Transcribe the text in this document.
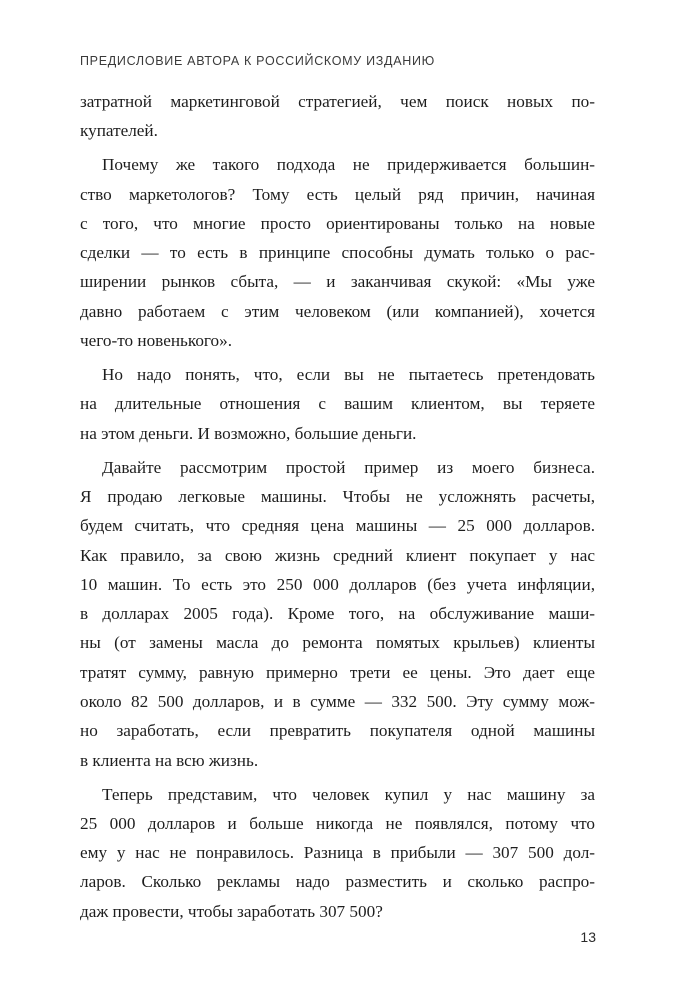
ПРЕДИСЛОВИЕ АВТОРА К РОССИЙСКОМУ ИЗДАНИЮ
затратной маркетинговой стратегией, чем поиск новых по-
купателей.
Почему же такого подхода не придерживается большин-
ство маркетологов? Тому есть целый ряд причин, начиная
с того, что многие просто ориентированы только на новые
сделки — то есть в принципе способны думать только о рас-
ширении рынков сбыта, — и заканчивая скукой: «Мы уже
давно работаем с этим человеком (или компанией), хочется
чего-то новенького».
Но надо понять, что, если вы не пытаетесь претендовать
на длительные отношения с вашим клиентом, вы теряете
на этом деньги. И возможно, большие деньги.
Давайте рассмотрим простой пример из моего бизнеса.
Я продаю легковые машины. Чтобы не усложнять расчеты,
будем считать, что средняя цена машины — 25 000 долларов.
Как правило, за свою жизнь средний клиент покупает у нас
10 машин. То есть это 250 000 долларов (без учета инфляции,
в долларах 2005 года). Кроме того, на обслуживание маши-
ны (от замены масла до ремонта помятых крыльев) клиенты
тратят сумму, равную примерно трети ее цены. Это дает еще
около 82 500 долларов, и в сумме — 332 500. Эту сумму мож-
но заработать, если превратить покупателя одной машины
в клиента на всю жизнь.
Теперь представим, что человек купил у нас машину за
25 000 долларов и больше никогда не появлялся, потому что
ему у нас не понравилось. Разница в прибыли — 307 500 дол-
ларов. Сколько рекламы надо разместить и сколько распро-
даж провести, чтобы заработать 307 500?
13
